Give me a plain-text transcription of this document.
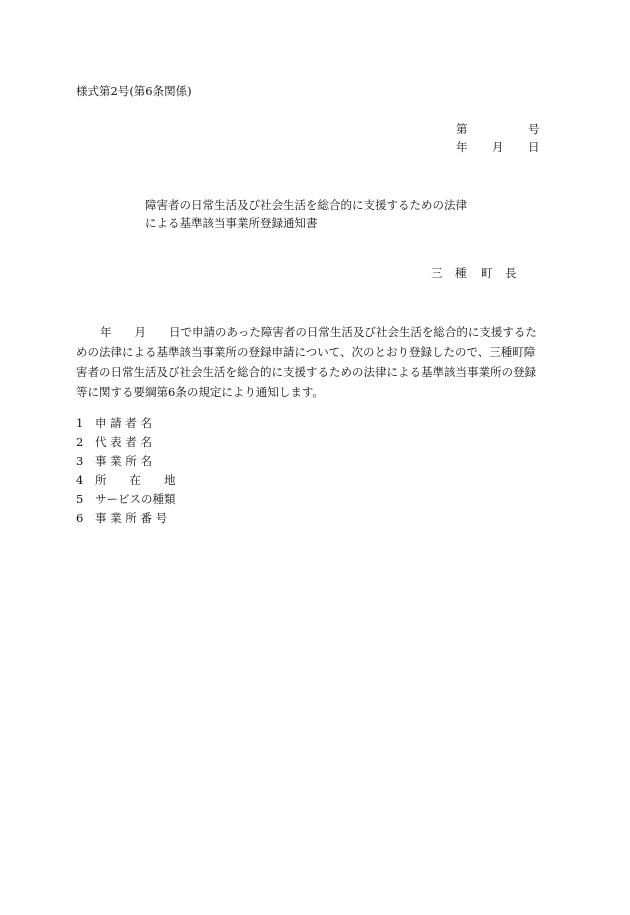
様式第2号(第6条関係)
第	号
年 月 日
障害者の日常生活及び社会生活を総合的に支援するための法律
による基準該当事業所登録通知書
三 種 町 長
年　　月　　日で申請のあった障害者の日常生活及び社会生活を総合的に支援するた
めの法律による基準該当事業所の登録申請について、次のとおり登録したので、三種町障
害者の日常生活及び社会生活を総合的に支援するための法律による基準該当事業所の登録
等に関する要綱第6条の規定により通知します。
1 申 請 者 名
2 代 表 者 名
3 事 業 所 名
4 所　　在　　地
5 サービスの種類
6 事 業 所 番 号
